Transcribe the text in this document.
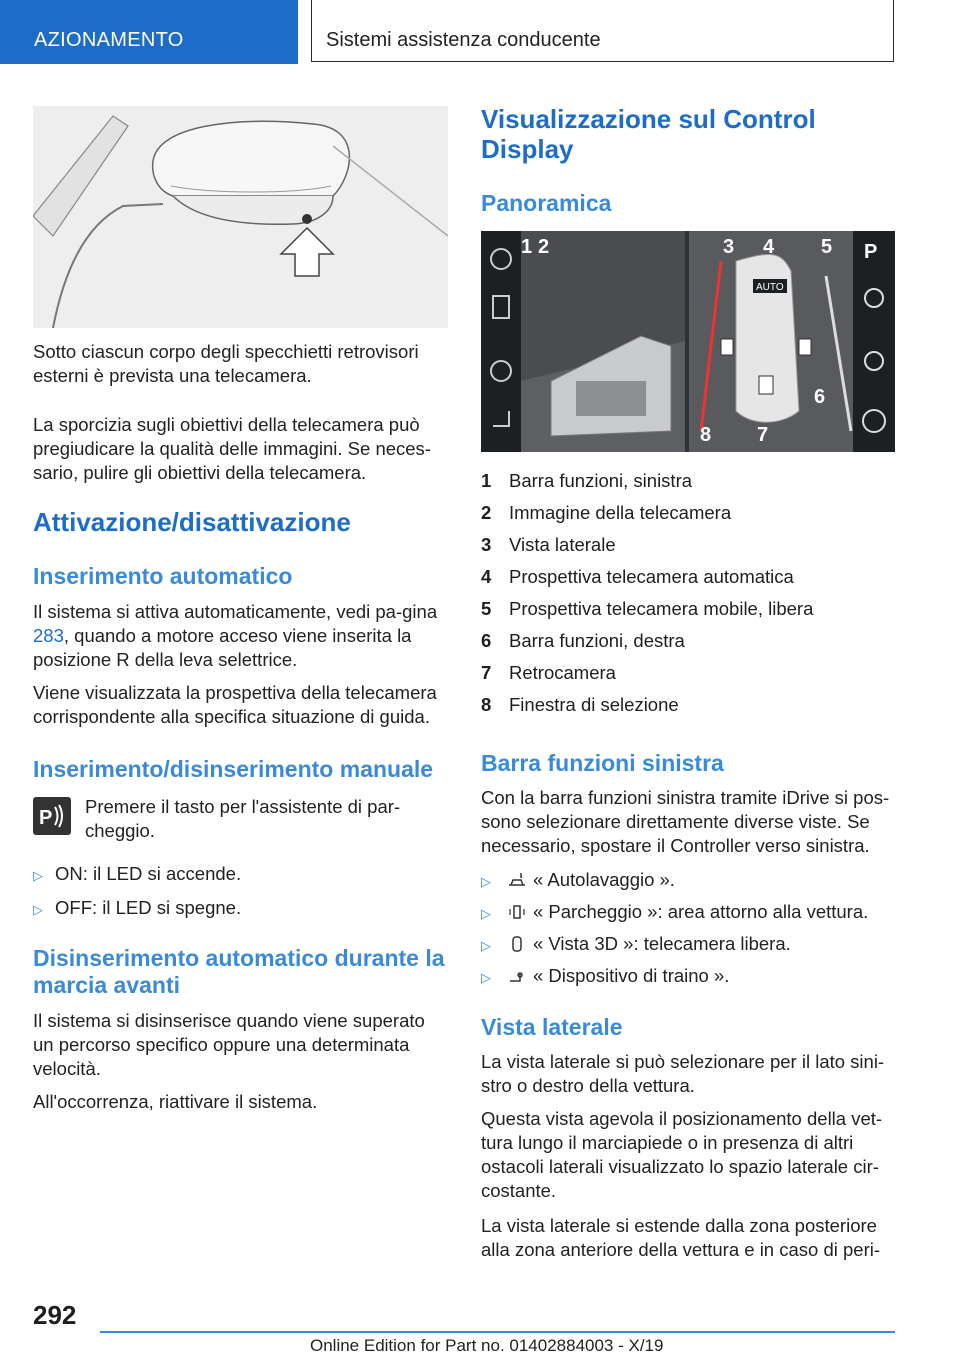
AZIONAMENTO	Sistemi assistenza conducente

Sotto ciascun corpo degli specchietti retrovisori esterni è prevista una telecamera.

La sporcizia sugli obiettivi della telecamera può pregiudicare la qualità delle immagini. Se neces‐sario, pulire gli obiettivi della telecamera.

Attivazione/disattivazione
Inserimento automatico

Il sistema si attiva automaticamente, vedi pa‐gina 283, quando a motore acceso viene inserita la posizione R della leva selettrice.

Viene visualizzata la prospettiva della telecamera corrispondente alla specifica situazione di guida.

Inserimento/disinserimento manuale
P

Premere il tasto per l'assistente di par‐cheggio.

▷ ON: il LED si accende.
▷ OFF: il LED si spegne.
Disinserimento automatico durante la marcia avanti

Il sistema si disinserisce quando viene superato un percorso specifico oppure una determinata velocità.

All'occorrenza, riattivare il sistema.

Visualizzazione sul Control Display
Panoramica
AUTO
P
1 2	3 4 5
6
7
8
1 Barra funzioni, sinistra
2 Immagine della telecamera
3 Vista laterale
4 Prospettiva telecamera automatica
5 Prospettiva telecamera mobile, libera
6 Barra funzioni, destra
7 Retrocamera
8 Finestra di selezione
Barra funzioni sinistra

Con la barra funzioni sinistra tramite iDrive si pos‐sono selezionare direttamente diverse viste. Se necessario, spostare il Controller verso sinistra.

▷ « Autolavaggio ».
▷ « Parcheggio »: area attorno alla vettura.
▷ « Vista 3D »: telecamera libera.
▷ « Dispositivo di traino ».
Vista laterale

La vista laterale si può selezionare per il lato sini‐stro o destro della vettura.

Questa vista agevola il posizionamento della vet‐tura lungo il marciapiede o in presenza di altri ostacoli laterali visualizzato lo spazio laterale cir‐costante.

La vista laterale si estende dalla zona posteriore alla zona anteriore della vettura e in caso di peri‐

292
Online Edition for Part no. 01402884003 - X/19
